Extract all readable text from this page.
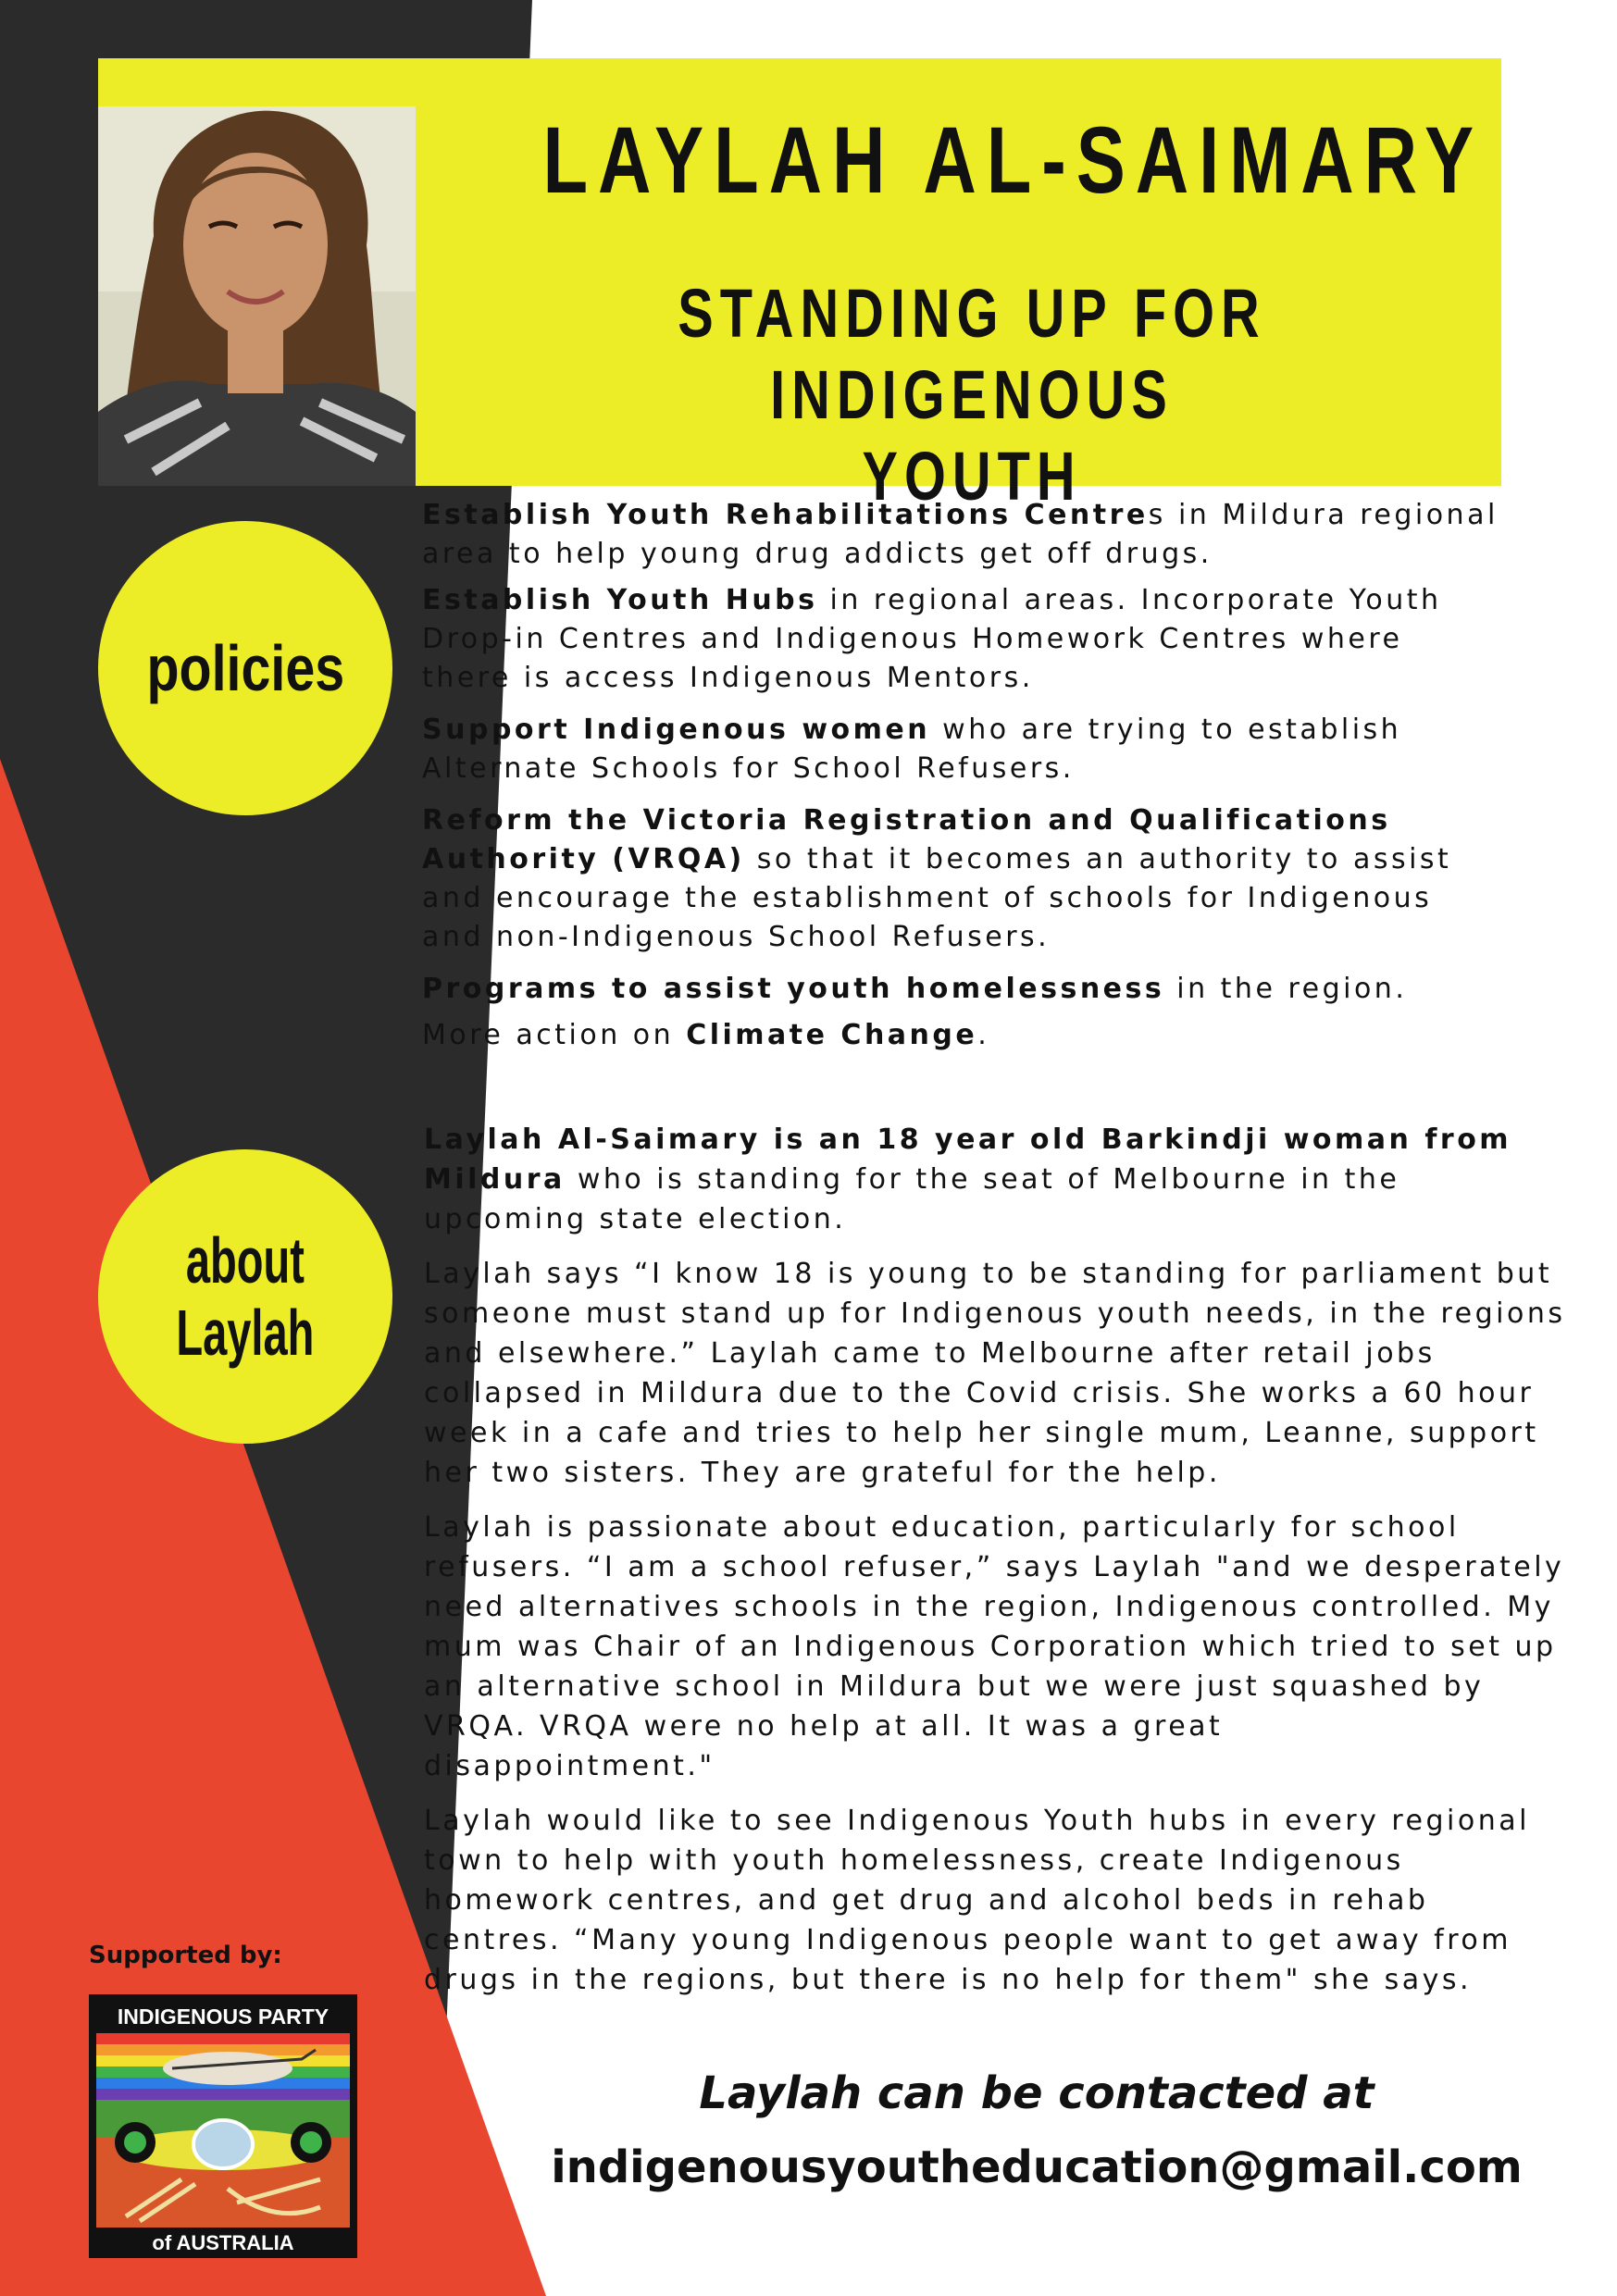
LAYLAH AL-SAIMARY
STANDING UP FOR
INDIGENOUS YOUTH
policies
about
Laylah

Establish Youth Rehabilitations Centres in Mildura regional

area to help young drug addicts get off drugs.

Establish Youth Hubs in regional areas. Incorporate Youth

Drop-in Centres and Indigenous Homework Centres where

there is access Indigenous Mentors.

Support Indigenous women who are trying to establish

Alternate Schools for School Refusers.

Reform the Victoria Registration and Qualifications

Authority (VRQA) so that it becomes an authority to assist

and encourage the establishment of schools for Indigenous

and non-Indigenous School Refusers.

Programs to assist youth homelessness in the region.

More action on Climate Change.

Laylah Al-Saimary is an 18 year old Barkindji woman from

Mildura who is standing for the seat of Melbourne in the

upcoming state election.

Laylah says “I know 18 is young to be standing for parliament but

someone must stand up for Indigenous youth needs, in the regions

and elsewhere.” Laylah came to Melbourne after retail jobs

collapsed in Mildura due to the Covid crisis. She works a 60 hour

week in a cafe and tries to help her single mum, Leanne, support

her two sisters. They are grateful for the help.

Laylah is passionate about education, particularly for school

refusers. “I am a school refuser,” says Laylah "and we desperately

need alternatives schools in the region, Indigenous controlled. My

mum was Chair of an Indigenous Corporation which tried to set up

an alternative school in Mildura but we were just squashed by

VRQA. VRQA were no help at all. It was a great

disappointment."

Laylah would like to see Indigenous Youth hubs in every regional

town to help with youth homelessness, create Indigenous

homework centres, and get drug and alcohol beds in rehab

centres. “Many young Indigenous people want to get away from

drugs in the regions, but there is no help for them" she says.

Supported by:
INDIGENOUS PARTY
of AUSTRALIA
Laylah can be contacted at
indigenousyoutheducation@gmail.com
